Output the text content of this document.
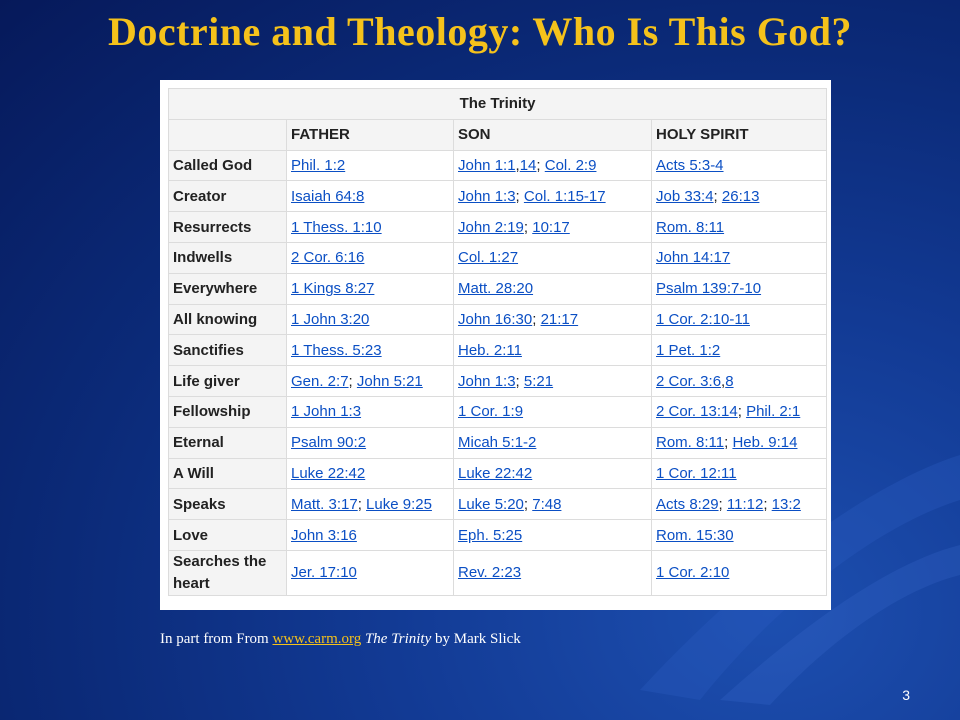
Doctrine and Theology: Who Is This God?
The Trinity			
	FATHER	SON	HOLY SPIRIT
Called God	Phil. 1:2	John 1:1,14; Col. 2:9	Acts 5:3-4
Creator	Isaiah 64:8	John 1:3; Col. 1:15-17	Job 33:4; 26:13
Resurrects	1 Thess. 1:10	John 2:19; 10:17	Rom. 8:11
Indwells	2 Cor. 6:16	Col. 1:27	John 14:17
Everywhere	1 Kings 8:27	Matt. 28:20	Psalm 139:7-10
All knowing	1 John 3:20	John 16:30; 21:17	1 Cor. 2:10-11
Sanctifies	1 Thess. 5:23	Heb. 2:11	1 Pet. 1:2
Life giver	Gen. 2:7; John 5:21	John 1:3; 5:21	2 Cor. 3:6,8
Fellowship	1 John 1:3	1 Cor. 1:9	2 Cor. 13:14; Phil. 2:1
Eternal	Psalm 90:2	Micah 5:1-2	Rom. 8:11; Heb. 9:14
A Will	Luke 22:42	Luke 22:42	1 Cor. 12:11
Speaks	Matt. 3:17; Luke 9:25	Luke 5:20; 7:48	Acts 8:29; 11:12; 13:2
Love	John 3:16	Eph. 5:25	Rom. 15:30
Searches the heart	Jer. 17:10	Rev. 2:23	1 Cor. 2:10
In part from From www.carm.org The Trinity by Mark Slick
3
